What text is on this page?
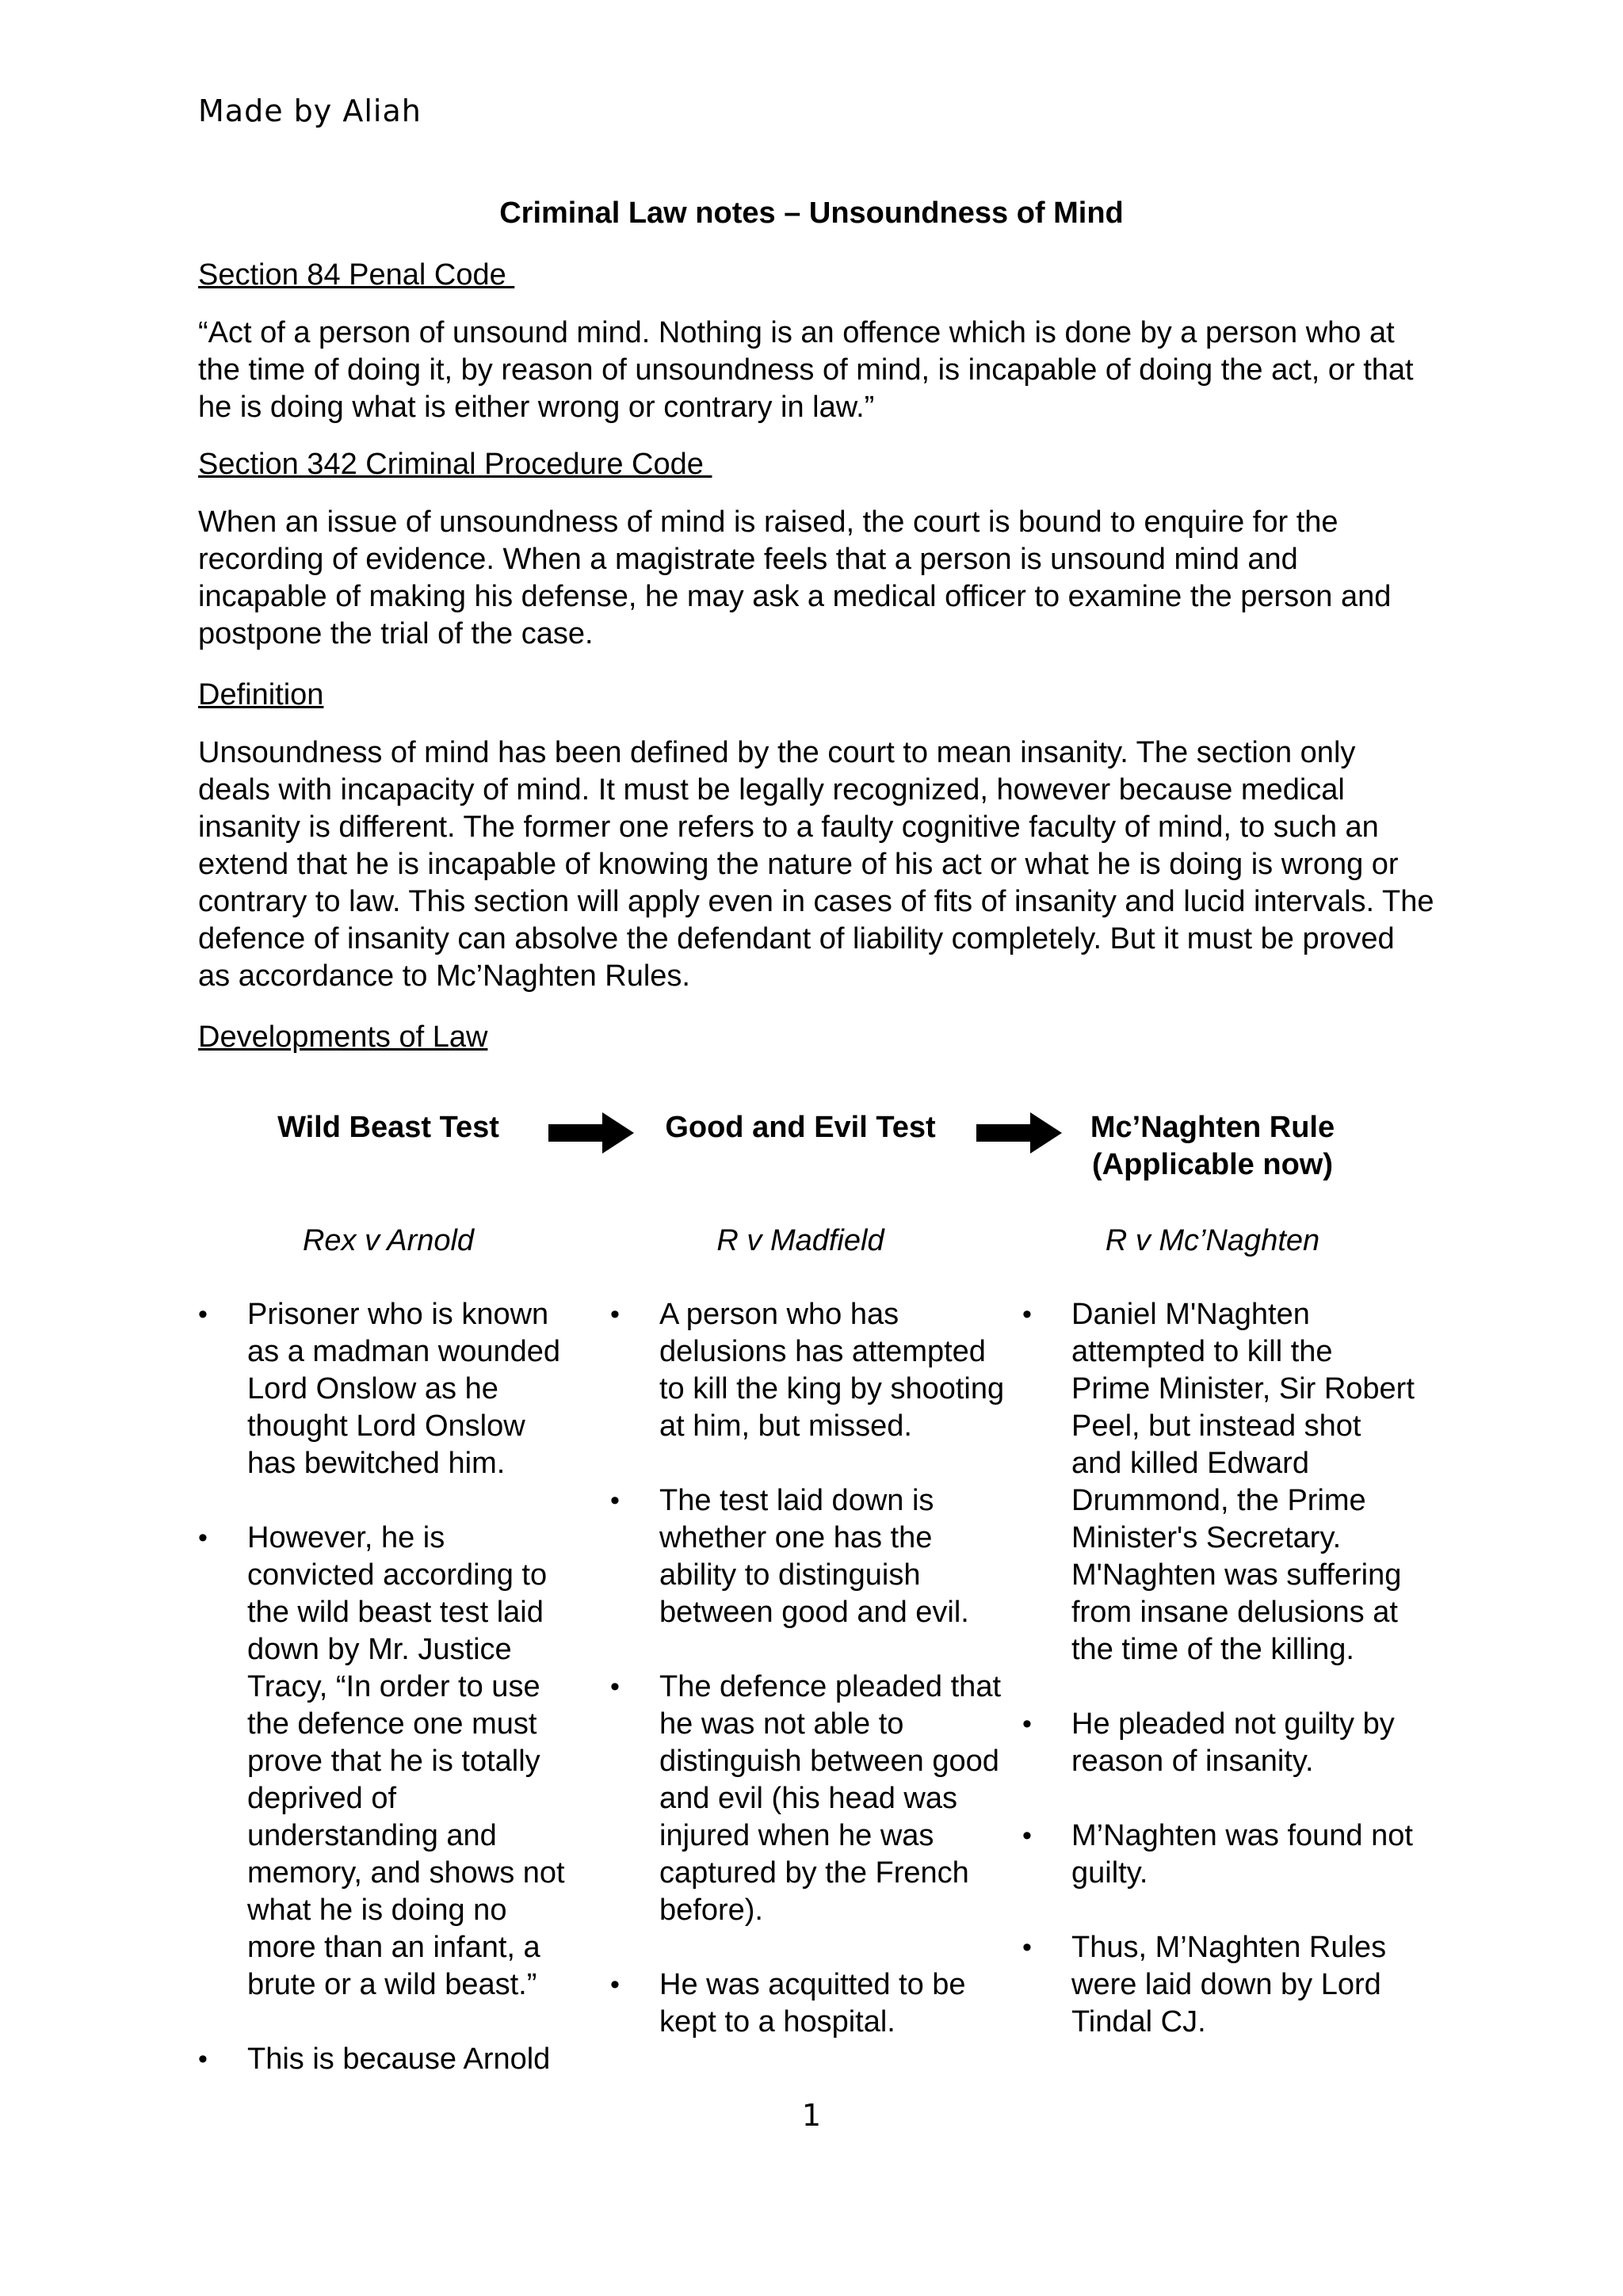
Made by Aliah
Criminal Law notes – Unsoundness of Mind
Section 84 Penal Code
“Act of a person of unsound mind. Nothing is an offence which is done by a person who at the time of doing it, by reason of unsoundness of mind, is incapable of doing the act, or that he is doing what is either wrong or contrary in law.”
Section 342 Criminal Procedure Code
When an issue of unsoundness of mind is raised, the court is bound to enquire for the recording of evidence. When a magistrate feels that a person is unsound mind and incapable of making his defense, he may ask a medical officer to examine the person and postpone the trial of the case.
Definition
Unsoundness of mind has been defined by the court to mean insanity. The section only deals with incapacity of mind. It must be legally recognized, however because medical insanity is different. The former one refers to a faulty cognitive faculty of mind, to such an extend that he is incapable of knowing the nature of his act or what he is doing is wrong or contrary to law. This section will apply even in cases of fits of insanity and lucid intervals. The defence of insanity can absolve the defendant of liability completely. But it must be proved as accordance to Mc’Naghten Rules.
Developments of Law
Wild Beast Test	Good and Evil Test	Mc’Naghten Rule
(Applicable now)
Rex v Arnold	R v Madfield	R v Mc’Naghten
• Prisoner who is known as a madman wounded Lord Onslow as he thought Lord Onslow has bewitched him.
• However, he is convicted according to the wild beast test laid down by Mr. Justice Tracy, “In order to use the defence one must prove that he is totally deprived of understanding and memory, and shows not what he is doing no more than an infant, a brute or a wild beast.”
• This is because Arnold
• A person who has delusions has attempted to kill the king by shooting at him, but missed.
• The test laid down is whether one has the ability to distinguish between good and evil.
• The defence pleaded that he was not able to distinguish between good and evil (his head was injured when he was captured by the French before).
• He was acquitted to be kept to a hospital.
• Daniel M'Naghten attempted to kill the Prime Minister, Sir Robert Peel, but instead shot and killed Edward Drummond, the Prime Minister's Secretary. M'Naghten was suffering from insane delusions at the time of the killing.
• He pleaded not guilty by reason of insanity.
• M’Naghten was found not guilty.
• Thus, M’Naghten Rules were laid down by Lord Tindal CJ.
1
